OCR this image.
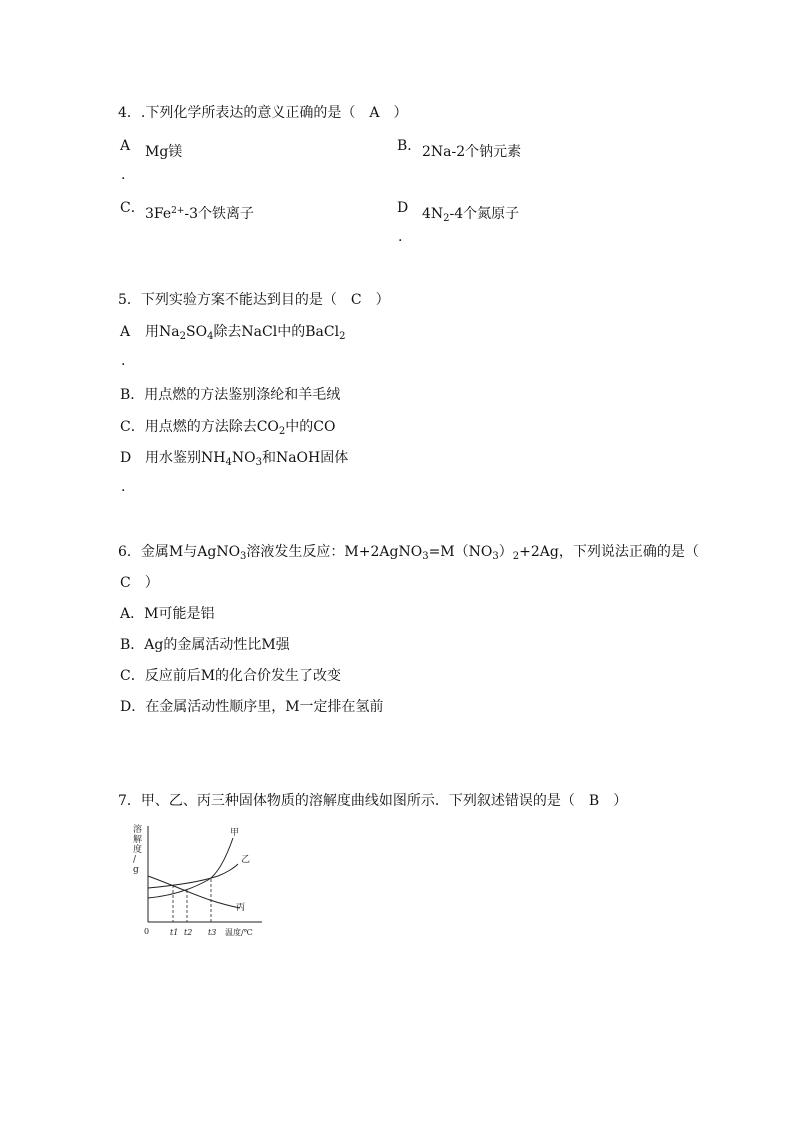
4．.下列化学所表达的意义正确的是（　A　）
A Mg镁
.
B． 2Na-2个钠元素
C． $3Fe^{2+}-3$个铁离子	D $4N_2-4$个氮原子
.
5．下列实验方案不能达到目的是（　C　）
A 用$Na_2SO_4$除去NaCl中的BaCl$_2$
.
B．用点燃的方法鉴别涤纶和羊毛绒
C．用点燃的方法除去$CO_2$中的CO
D 用水鉴别$NH_4NO_3$和NaOH固体
.
6．金属M与AgNO$_3$溶液发生反应：$M+2AgNO_3=M(NO_3)_2+2Ag$，下列说法正确的是（
C　）
A．M可能是铝
B．Ag的金属活动性比M强
C．反应前后M的化合价发生了改变
D．在金属活动性顺序里，M一定排在氢前
7．甲、乙、丙三种固体物质的溶解度曲线如图所示．下列叙述错误的是（　B　）
溶解度/ g
甲
乙
丙
0	t1 t2 t3 温度/℃
